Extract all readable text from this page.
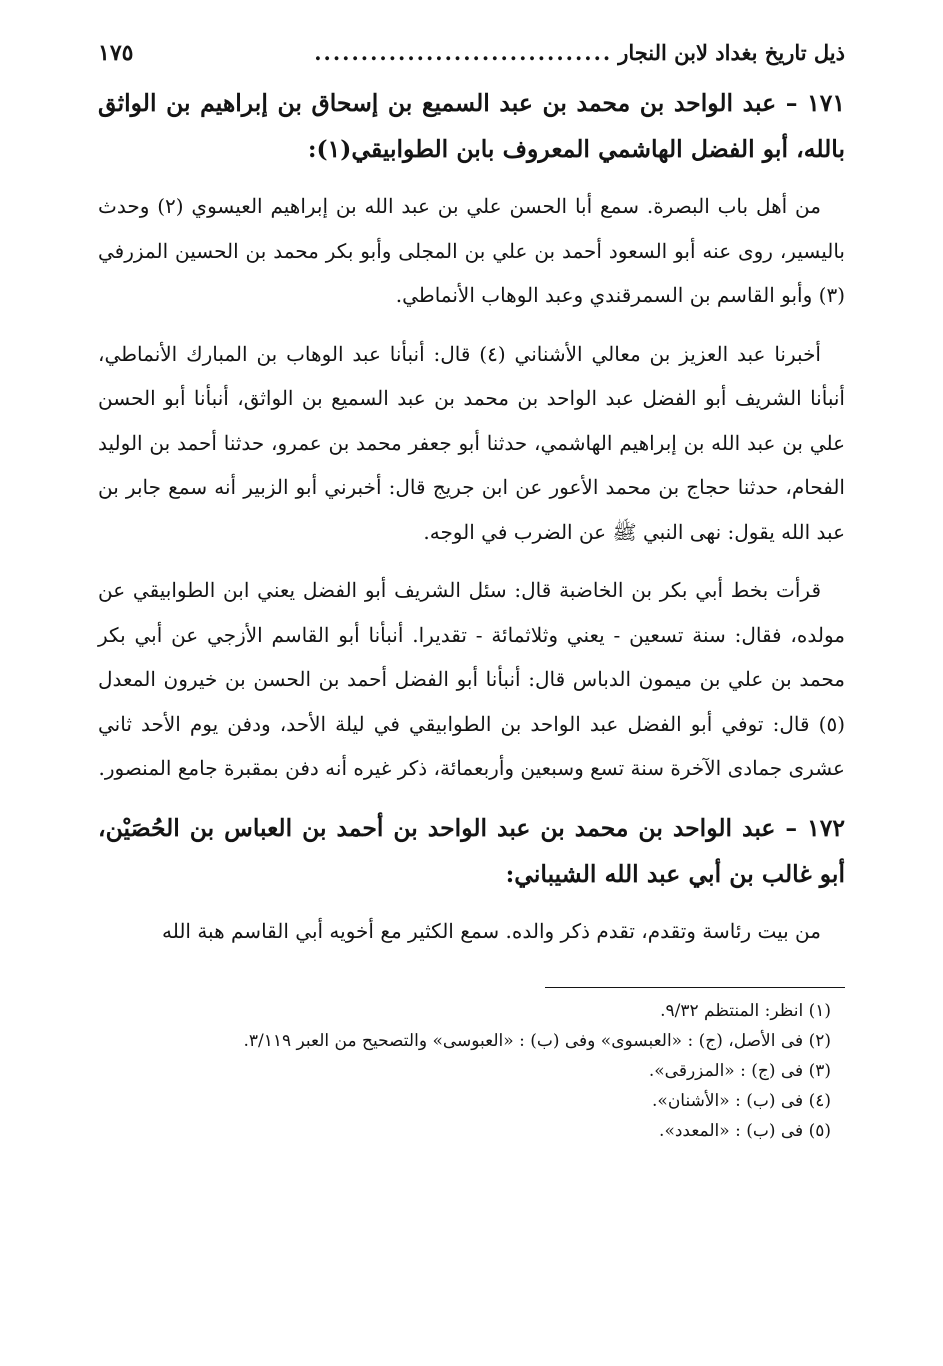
ذيل تاريخ بغداد لابن النجار
................................
١٧٥
١٧١ – عبد الواحد بن محمد بن عبد السميع بن إسحاق بن إبراهيم بن الواثق بالله، أبو الفضل الهاشمي المعروف بابن الطوابيقي(١):

من أهل باب البصرة. سمع أبا الحسن علي بن عبد الله بن إبراهيم العيسوي (٢) وحدث باليسير، روى عنه أبو السعود أحمد بن علي بن المجلى وأبو بكر محمد بن الحسين المزرفي (٣) وأبو القاسم بن السمرقندي وعبد الوهاب الأنماطي.

أخبرنا عبد العزيز بن معالي الأشناني (٤) قال: أنبأنا عبد الوهاب بن المبارك الأنماطي، أنبأنا الشريف أبو الفضل عبد الواحد بن محمد بن عبد السميع بن الواثق، أنبأنا أبو الحسن علي بن عبد الله بن إبراهيم الهاشمي، حدثنا أبو جعفر محمد بن عمرو، حدثنا أحمد بن الوليد الفحام، حدثنا حجاج بن محمد الأعور عن ابن جريج قال: أخبرني أبو الزبير أنه سمع جابر بن عبد الله يقول: نهى النبي ﷺ عن الضرب في الوجه.

قرأت بخط أبي بكر بن الخاضبة قال: سئل الشريف أبو الفضل يعني ابن الطوابيقي عن مولده، فقال: سنة تسعين - يعني وثلاثمائة - تقديرا. أنبأنا أبو القاسم الأزجي عن أبي بكر محمد بن علي بن ميمون الدباس قال: أنبأنا أبو الفضل أحمد بن الحسن بن خيرون المعدل (٥) قال: توفي أبو الفضل عبد الواحد بن الطوابيقي في ليلة الأحد، ودفن يوم الأحد ثاني عشرى جمادى الآخرة سنة تسع وسبعين وأربعمائة، ذكر غيره أنه دفن بمقبرة جامع المنصور.

١٧٢ – عبد الواحد بن محمد بن عبد الواحد بن أحمد بن العباس بن الحُصَيْن، أبو غالب بن أبي عبد الله الشيباني:

من بيت رئاسة وتقدم، تقدم ذكر والده. سمع الكثير مع أخويه أبي القاسم هبة الله

(١) انظر: المنتظم ٩/٣٢.
(٢) فى الأصل، (ج) : «العبسوى» وفى (ب) : «العبوسى» والتصحيح من العبر ٣/١١٩.
(٣) فى (ج) : «المزرقى».
(٤) فى (ب) : «الأشنان».
(٥) فى (ب) : «المعدد».
